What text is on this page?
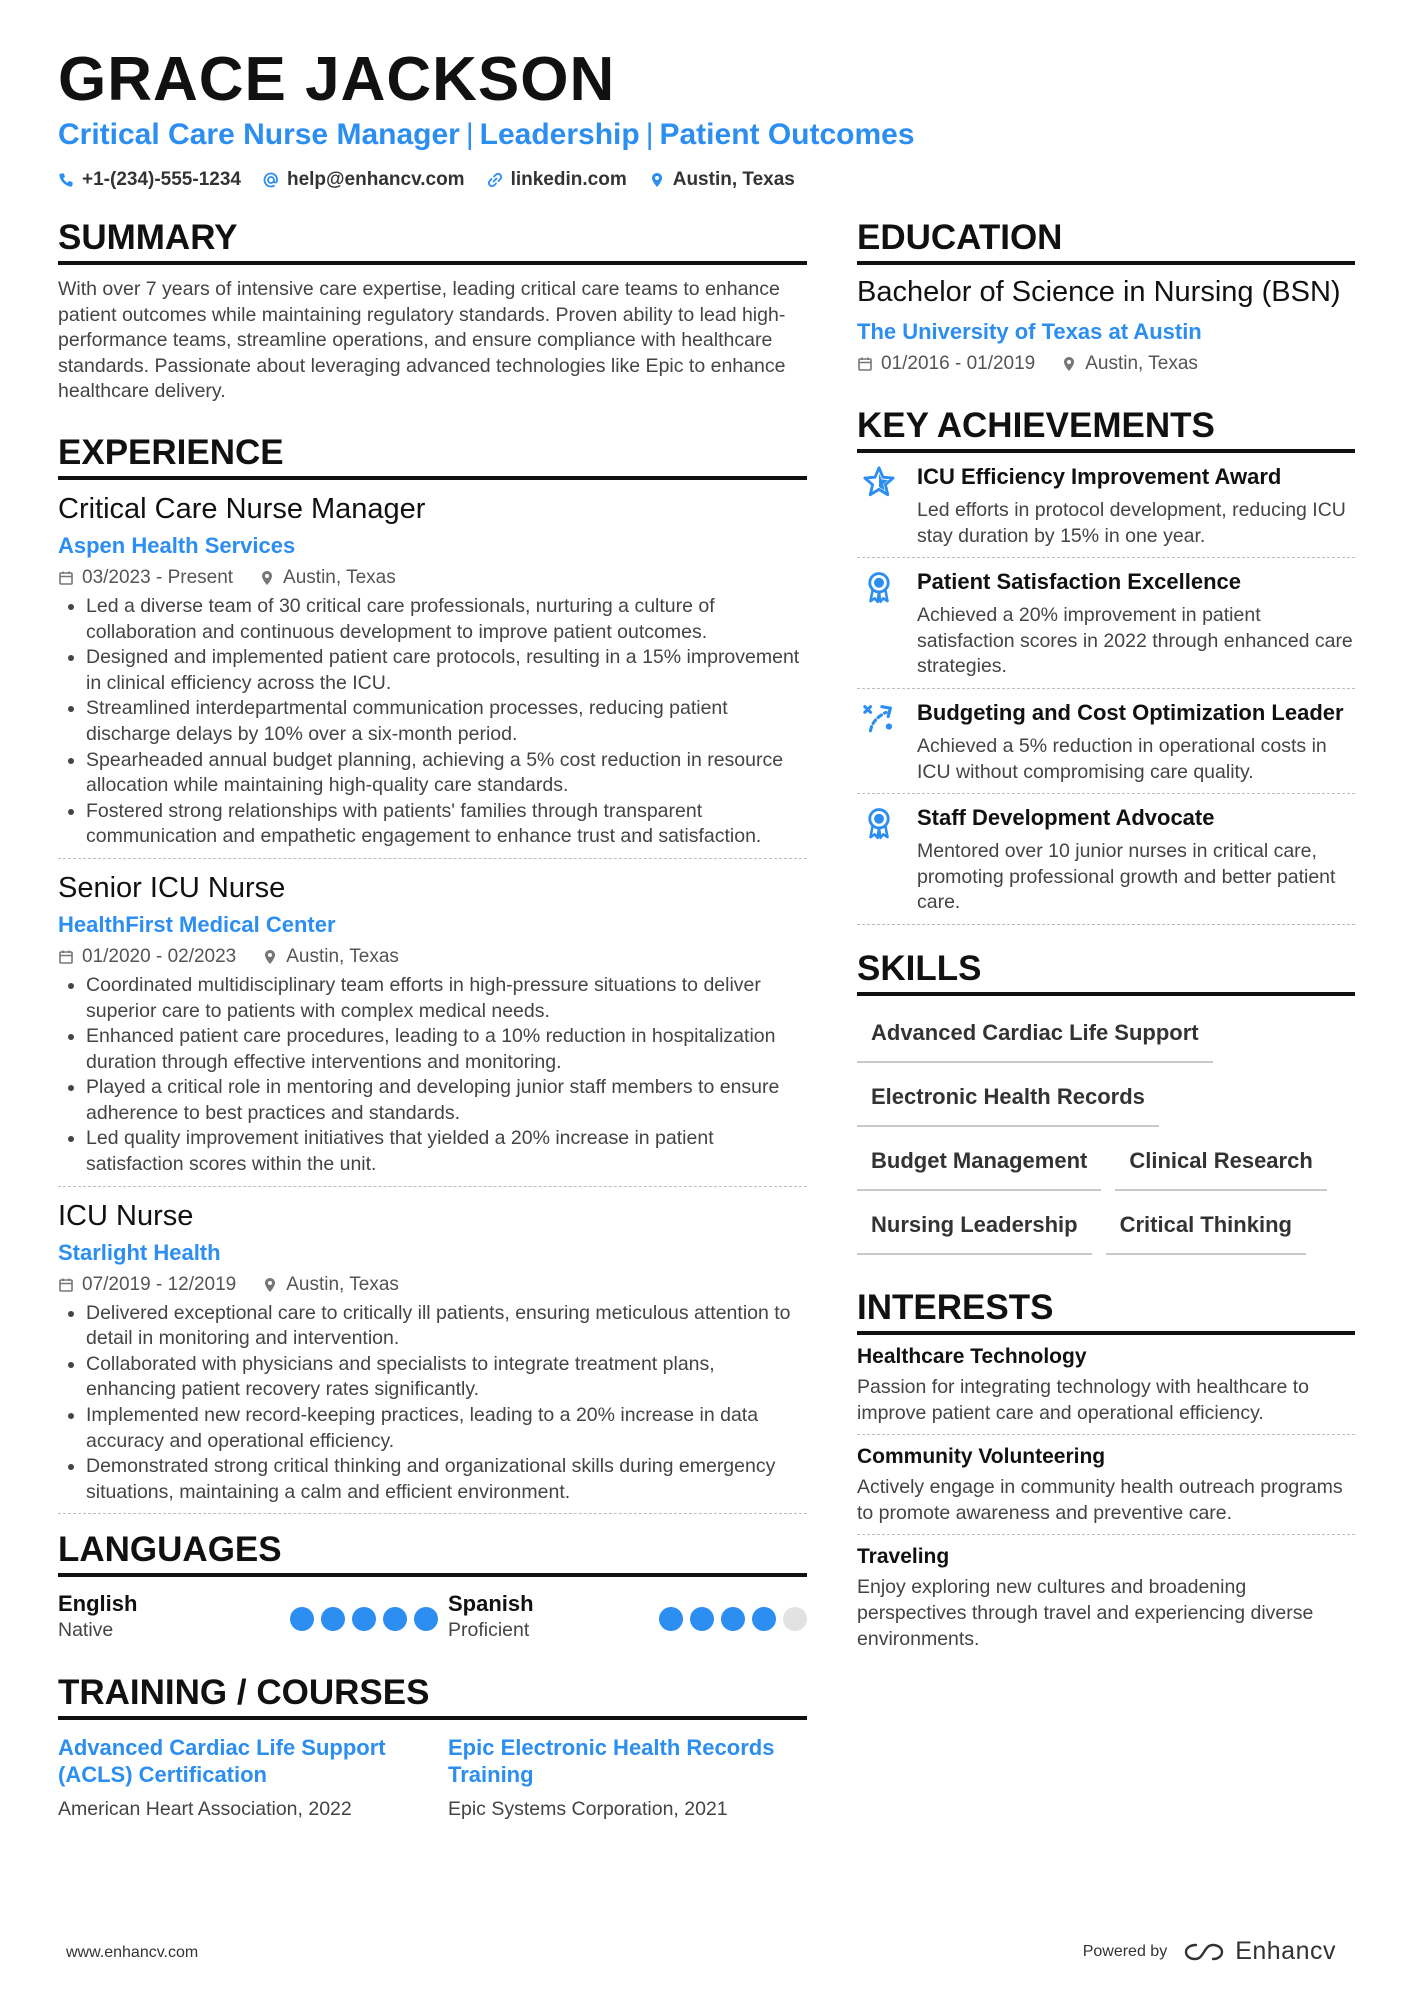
GRACE JACKSON
Critical Care Nurse Manager | Leadership | Patient Outcomes
+1-(234)-555-1234 help@enhancv.com linkedin.com Austin, Texas
SUMMARY
With over 7 years of intensive care expertise, leading critical care teams to enhance patient outcomes while maintaining regulatory standards. Proven ability to lead high-performance teams, streamline operations, and ensure compliance with healthcare standards. Passionate about leveraging advanced technologies like Epic to enhance healthcare delivery.
EXPERIENCE
Critical Care Nurse Manager
Aspen Health Services
03/2023 - Present	Austin, Texas
Led a diverse team of 30 critical care professionals, nurturing a culture of collaboration and continuous development to improve patient outcomes.
Designed and implemented patient care protocols, resulting in a 15% improvement in clinical efficiency across the ICU.
Streamlined interdepartmental communication processes, reducing patient discharge delays by 10% over a six-month period.
Spearheaded annual budget planning, achieving a 5% cost reduction in resource allocation while maintaining high-quality care standards.
Fostered strong relationships with patients' families through transparent communication and empathetic engagement to enhance trust and satisfaction.
Senior ICU Nurse
HealthFirst Medical Center
01/2020 - 02/2023	Austin, Texas
Coordinated multidisciplinary team efforts in high-pressure situations to deliver superior care to patients with complex medical needs.
Enhanced patient care procedures, leading to a 10% reduction in hospitalization duration through effective interventions and monitoring.
Played a critical role in mentoring and developing junior staff members to ensure adherence to best practices and standards.
Led quality improvement initiatives that yielded a 20% increase in patient satisfaction scores within the unit.
ICU Nurse
Starlight Health
07/2019 - 12/2019	Austin, Texas
Delivered exceptional care to critically ill patients, ensuring meticulous attention to detail in monitoring and intervention.
Collaborated with physicians and specialists to integrate treatment plans, enhancing patient recovery rates significantly.
Implemented new record-keeping practices, leading to a 20% increase in data accuracy and operational efficiency.
Demonstrated strong critical thinking and organizational skills during emergency situations, maintaining a calm and efficient environment.
LANGUAGES
English
Native
Spanish
Proficient
TRAINING / COURSES
Advanced Cardiac Life Support (ACLS) Certification
American Heart Association, 2022
Epic Electronic Health Records Training
Epic Systems Corporation, 2021
EDUCATION
Bachelor of Science in Nursing (BSN)
The University of Texas at Austin
01/2016 - 01/2019	Austin, Texas
KEY ACHIEVEMENTS
ICU Efficiency Improvement Award
Led efforts in protocol development, reducing ICU stay duration by 15% in one year.
Patient Satisfaction Excellence
Achieved a 20% improvement in patient satisfaction scores in 2022 through enhanced care strategies.
Budgeting and Cost Optimization Leader
Achieved a 5% reduction in operational costs in ICU without compromising care quality.
Staff Development Advocate
Mentored over 10 junior nurses in critical care, promoting professional growth and better patient care.
SKILLS
Advanced Cardiac Life Support
Electronic Health Records
Budget Management	Clinical Research
Nursing Leadership	Critical Thinking
INTERESTS
Healthcare Technology
Passion for integrating technology with healthcare to improve patient care and operational efficiency.
Community Volunteering
Actively engage in community health outreach programs to promote awareness and preventive care.
Traveling
Enjoy exploring new cultures and broadening perspectives through travel and experiencing diverse environments.
www.enhancv.com	Powered by	Enhancv
